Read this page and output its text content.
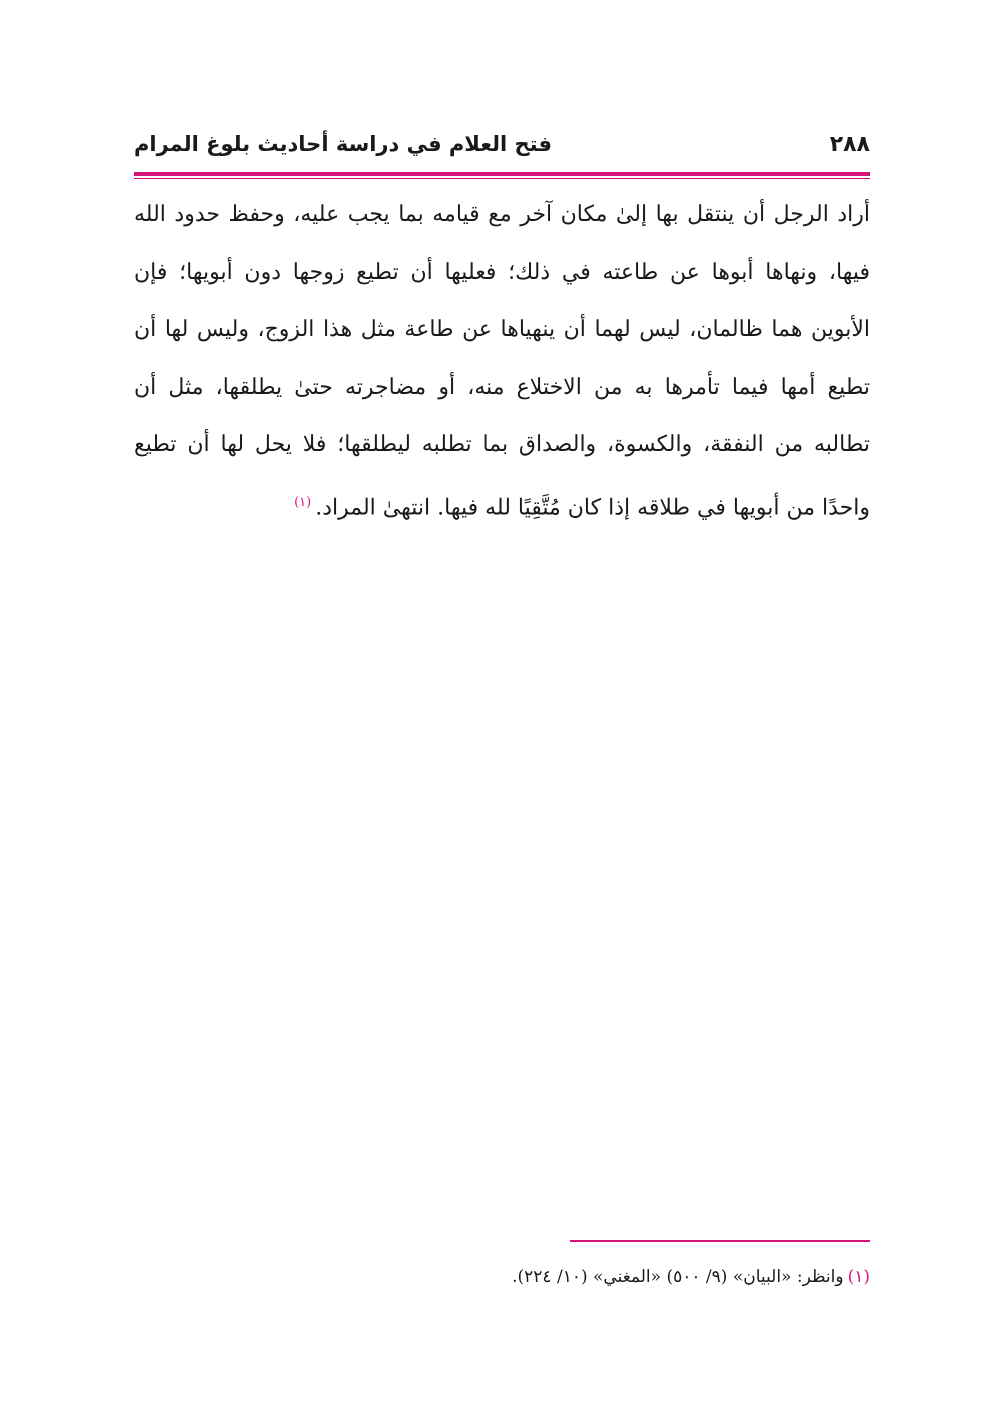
٢٨٨
فتح العلام في دراسة أحاديث بلوغ المرام
أراد الرجل أن ينتقل بها إلىٰ مكان آخر مع قيامه بما يجب عليه، وحفظ حدود الله
فيها، ونهاها أبوها عن طاعته في ذلك؛ فعليها أن تطيع زوجها دون أبويها؛ فإن
الأبوين هما ظالمان، ليس لهما أن ينهياها عن طاعة مثل هذا الزوج، وليس لها أن
تطيع أمها فيما تأمرها به من الاختلاع منه، أو مضاجرته حتىٰ يطلقها، مثل أن
تطالبه من النفقة، والكسوة، والصداق بما تطلبه ليطلقها؛ فلا يحل لها أن تطيع
واحدًا من أبويها في طلاقه إذا كان مُتَّقِيًا لله فيها. انتهىٰ المراد.$^{(١)}$
(١)وانظر: «البيان» (٩/ ٥٠٠) «المغني» (١٠/ ٢٢٤).
